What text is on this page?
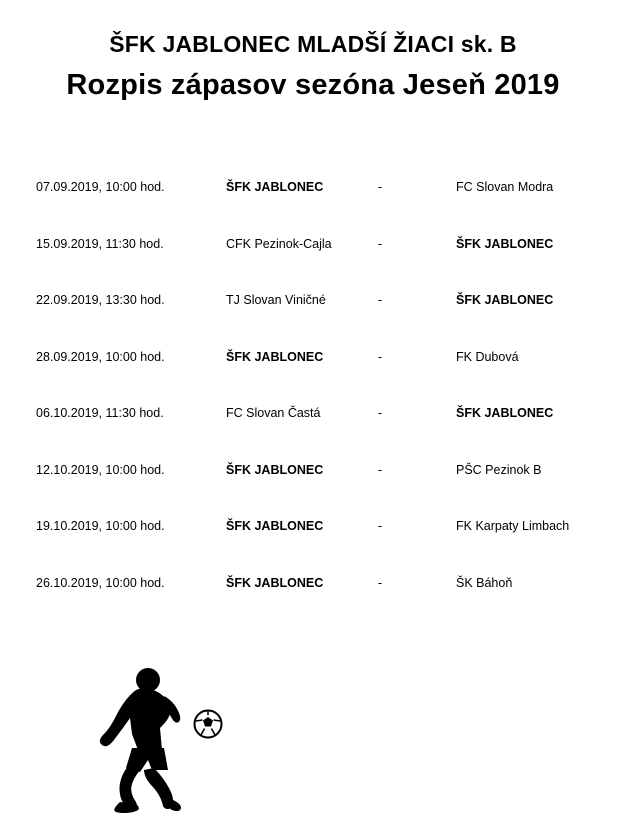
ŠFK JABLONEC MLADŠÍ ŽIACI sk. B
Rozpis zápasov sezóna Jeseň 2019
07.09.2019, 10:00 hod.	ŠFK JABLONEC	-	FC Slovan Modra
15.09.2019, 11:30 hod.	CFK Pezinok-Cajla	-	ŠFK JABLONEC
22.09.2019, 13:30 hod.	TJ Slovan Viničné	-	ŠFK JABLONEC
28.09.2019, 10:00 hod.	ŠFK JABLONEC	-	FK Dubová
06.10.2019, 11:30 hod.	FC Slovan Častá	-	ŠFK JABLONEC
12.10.2019, 10:00 hod.	ŠFK JABLONEC	-	PŠC Pezinok B
19.10.2019, 10:00 hod.	ŠFK JABLONEC	-	FK Karpaty Limbach
26.10.2019, 10:00 hod.	ŠFK JABLONEC	-	ŠK Báhoň
